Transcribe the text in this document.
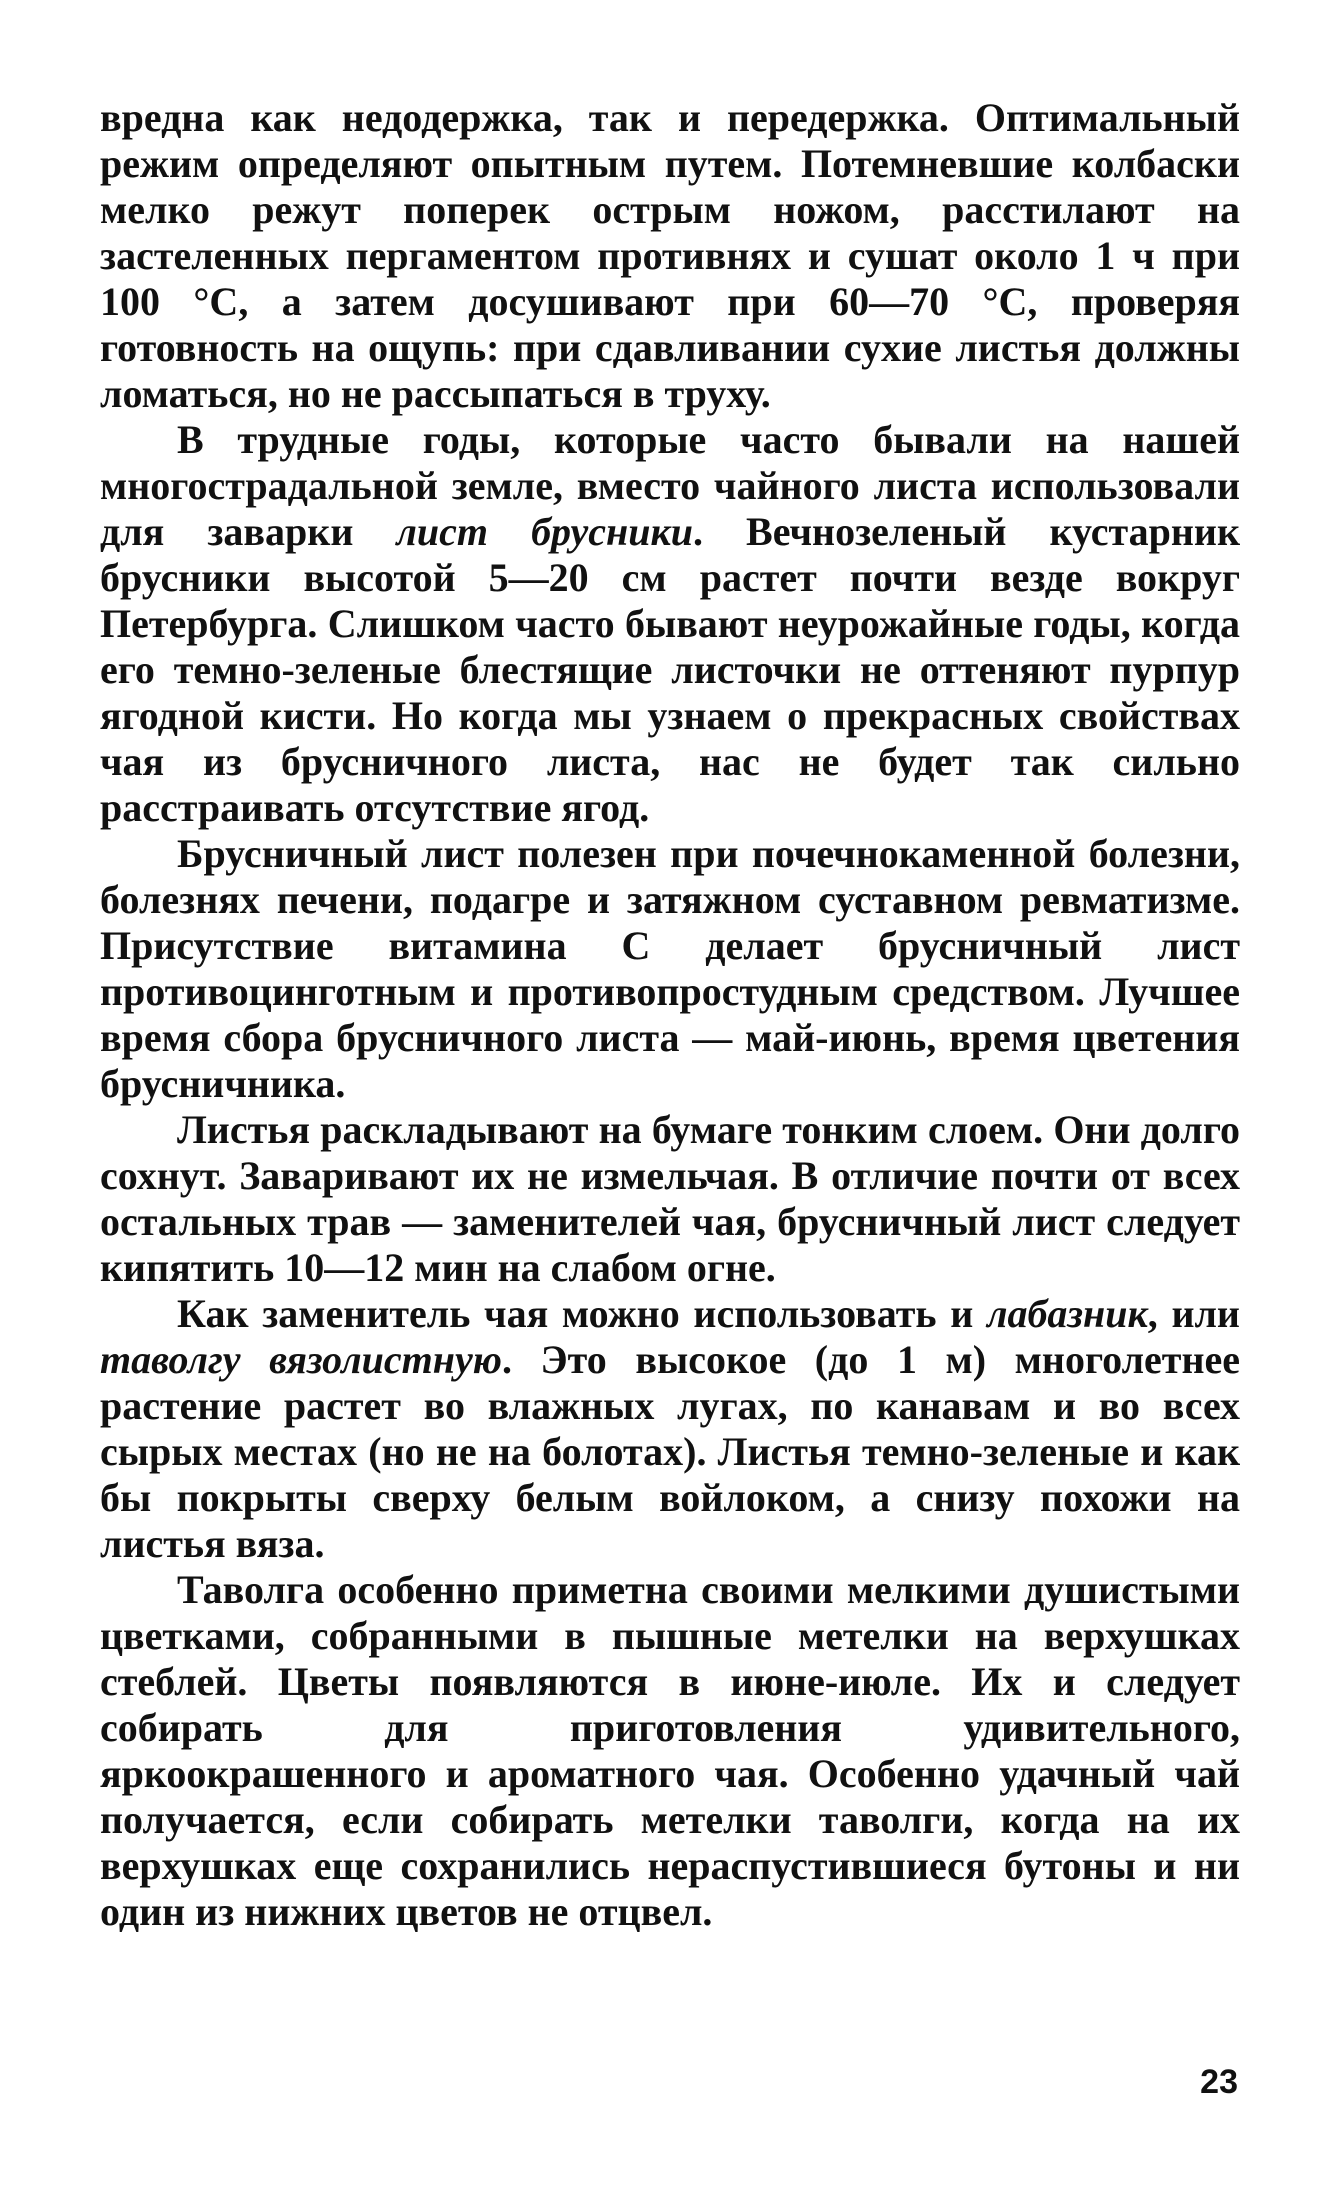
вредна как недодержка, так и передержка. Оптимальный режим определяют опытным путем. Потемневшие колбаски мелко режут поперек острым ножом, расстилают на застеленных пергаментом противнях и сушат около 1 ч при 100 °С, а затем досушивают при 60—70 °С, проверяя готовность на ощупь: при сдавливании сухие листья должны ломаться, но не рассыпаться в труху.

В трудные годы, которые часто бывали на нашей многострадальной земле, вместо чайного листа использовали для заварки лист брусники. Вечнозеленый кустарник брусники высотой 5—20 см растет почти везде вокруг Петербурга. Слишком часто бывают неурожайные годы, когда его темно-зеленые блестящие листочки не оттеняют пурпур ягодной кисти. Но когда мы узнаем о прекрасных свойствах чая из брусничного листа, нас не будет так сильно расстраивать отсутствие ягод.

Брусничный лист полезен при почечнокаменной болезни, болезнях печени, подагре и затяжном суставном ревматизме. Присутствие витамина С делает брусничный лист противоцинготным и противопростудным средством. Лучшее время сбора брусничного листа — май-июнь, время цветения брусничника.

Листья раскладывают на бумаге тонким слоем. Они долго сохнут. Заваривают их не измельчая. В отличие почти от всех остальных трав — заменителей чая, брусничный лист следует кипятить 10—12 мин на слабом огне.

Как заменитель чая можно использовать и лабазник, или таволгу вязолистную. Это высокое (до 1 м) многолетнее растение растет во влажных лугах, по канавам и во всех сырых местах (но не на болотах). Листья темно-зеленые и как бы покрыты сверху белым войлоком, а снизу похожи на листья вяза.

Таволга особенно приметна своими мелкими душистыми цветками, собранными в пышные метелки на верхушках стеблей. Цветы появляются в июне-июле. Их и следует собирать для приготовления удивительного, яркоокрашенного и ароматного чая. Особенно удачный чай получается, если собирать метелки таволги, когда на их верхушках еще сохранились нераспустившиеся бутоны и ни один из нижних цветов не отцвел.

23
